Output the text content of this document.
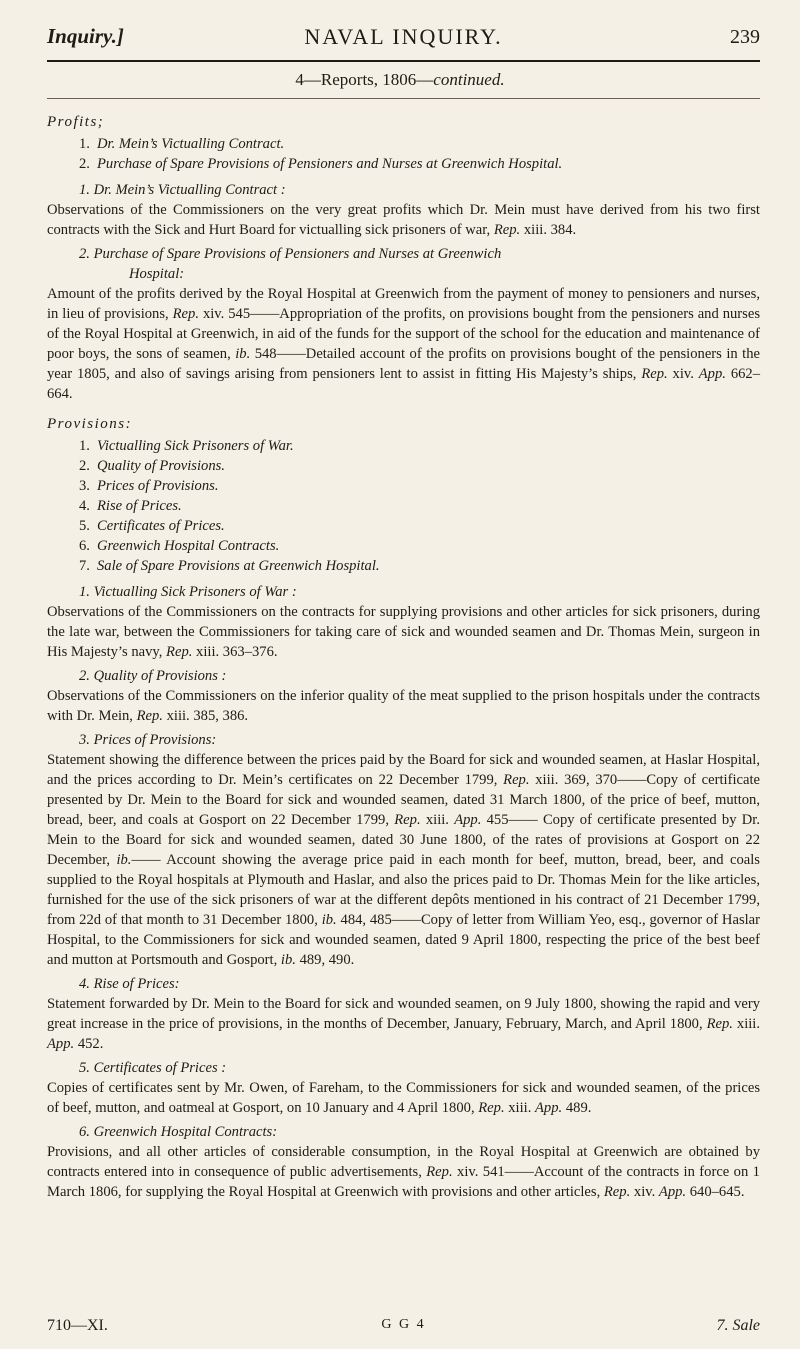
Inquiry.]	NAVAL INQUIRY.	239
4—Reports, 1806—continued.
Profits;
1. Dr. Mein’s Victualling Contract.
2. Purchase of Spare Provisions of Pensioners and Nurses at Greenwich Hospital.
1. Dr. Mein’s Victualling Contract :

Observations of the Commissioners on the very great profits which Dr. Mein must have derived from his two first contracts with the Sick and Hurt Board for victualling sick prisoners of war, Rep. xiii. 384.

2. Purchase of Spare Provisions of Pensioners and Nurses at Greenwich
Hospital:

Amount of the profits derived by the Royal Hospital at Greenwich from the payment of money to pensioners and nurses, in lieu of provisions, Rep. xiv. 545——Appropriation of the profits, on provisions bought from the pensioners and nurses of the Royal Hospital at Greenwich, in aid of the funds for the support of the school for the education and maintenance of poor boys, the sons of seamen, ib. 548——Detailed account of the profits on provisions bought of the pensioners in the year 1805, and also of savings arising from pensioners lent to assist in fitting His Majesty’s ships, Rep. xiv. App. 662–664.

Provisions:
1. Victualling Sick Prisoners of War.
2. Quality of Provisions.
3. Prices of Provisions.
4. Rise of Prices.
5. Certificates of Prices.
6. Greenwich Hospital Contracts.
7. Sale of Spare Provisions at Greenwich Hospital.
1. Victualling Sick Prisoners of War :

Observations of the Commissioners on the contracts for supplying provisions and other articles for sick prisoners, during the late war, between the Commissioners for taking care of sick and wounded seamen and Dr. Thomas Mein, surgeon in His Majesty’s navy, Rep. xiii. 363–376.

2. Quality of Provisions :

Observations of the Commissioners on the inferior quality of the meat supplied to the prison hospitals under the contracts with Dr. Mein, Rep. xiii. 385, 386.

3. Prices of Provisions:

Statement showing the difference between the prices paid by the Board for sick and wounded seamen, at Haslar Hospital, and the prices according to Dr. Mein’s certificates on 22 December 1799, Rep. xiii. 369, 370——Copy of certificate presented by Dr. Mein to the Board for sick and wounded seamen, dated 31 March 1800, of the price of beef, mutton, bread, beer, and coals at Gosport on 22 December 1799, Rep. xiii. App. 455—— Copy of certificate presented by Dr. Mein to the Board for sick and wounded seamen, dated 30 June 1800, of the rates of provisions at Gosport on 22 December, ib.—— Account showing the average price paid in each month for beef, mutton, bread, beer, and coals supplied to the Royal hospitals at Plymouth and Haslar, and also the prices paid to Dr. Thomas Mein for the like articles, furnished for the use of the sick prisoners of war at the different depôts mentioned in his contract of 21 December 1799, from 22d of that month to 31 December 1800, ib. 484, 485——Copy of letter from William Yeo, esq., governor of Haslar Hospital, to the Commissioners for sick and wounded seamen, dated 9 April 1800, respecting the price of the best beef and mutton at Portsmouth and Gosport, ib. 489, 490.

4. Rise of Prices:

Statement forwarded by Dr. Mein to the Board for sick and wounded seamen, on 9 July 1800, showing the rapid and very great increase in the price of provisions, in the months of December, January, February, March, and April 1800, Rep. xiii. App. 452.

5. Certificates of Prices :

Copies of certificates sent by Mr. Owen, of Fareham, to the Commissioners for sick and wounded seamen, of the prices of beef, mutton, and oatmeal at Gosport, on 10 January and 4 April 1800, Rep. xiii. App. 489.

6. Greenwich Hospital Contracts:

Provisions, and all other articles of considerable consumption, in the Royal Hospital at Greenwich are obtained by contracts entered into in consequence of public advertisements, Rep. xiv. 541——Account of the contracts in force on 1 March 1806, for supplying the Royal Hospital at Greenwich with provisions and other articles, Rep. xiv. App. 640–645.

710—XI.	G G 4	7. Sale
